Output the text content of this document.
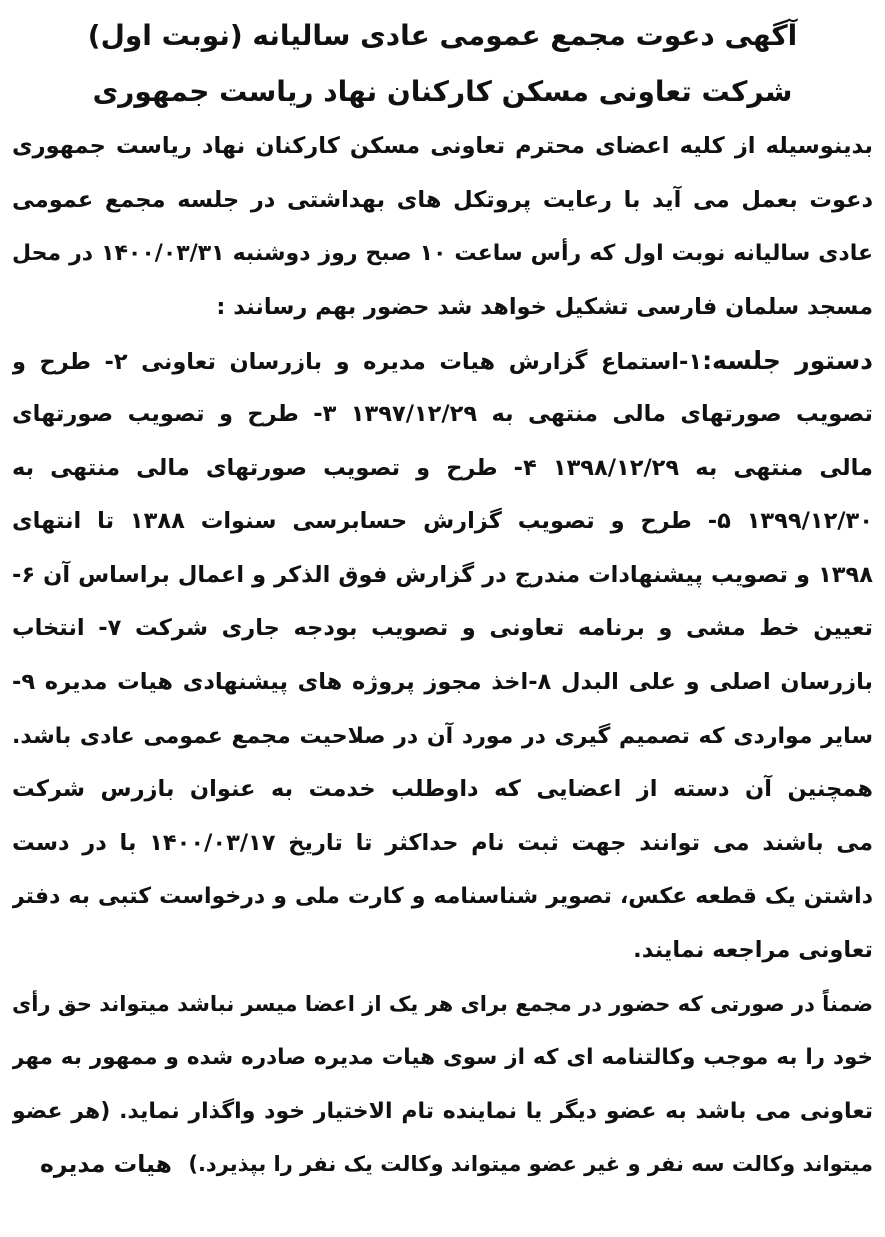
آگهی دعوت مجمع عمومی عادی سالیانه (نوبت اول)
شرکت تعاونی مسکن کارکنان نهاد ریاست جمهوری
بدینوسیله از کلیه اعضای محترم تعاونی مسکن کارکنان نهاد ریاست جمهوری
دعوت بعمل می آید با رعایت پروتکل های بهداشتی در جلسه مجمع عمومی
عادی سالیانه نوبت اول که رأس ساعت ۱۰ صبح روز دوشنبه ۱۴۰۰/۰۳/۳۱ در محل
مسجد سلمان فارسی تشکیل خواهد شد حضور بهم رسانند :
دستور جلسه:۱-استماع گزارش هیات مدیره و بازرسان تعاونی ۲- طرح و
تصویب صورتهای مالی منتهی به ۱۳۹۷/۱۲/۲۹ ۳- طرح و تصویب صورتهای
مالی منتهی به ۱۳۹۸/۱۲/۲۹ ۴- طرح و تصویب صورتهای مالی منتهی به
۱۳۹۹/۱۲/۳۰ ۵- طرح و تصویب گزارش حسابرسی سنوات ۱۳۸۸ تا انتهای
۱۳۹۸ و تصویب پیشنهادات مندرج در گزارش فوق الذکر و اعمال براساس آن ۶-
تعیین خط مشی و برنامه تعاونی و تصویب بودجه جاری شرکت ۷- انتخاب
بازرسان اصلی و علی البدل ۸-اخذ مجوز پروژه های پیشنهادی هیات مدیره ۹-
سایر مواردی که تصمیم گیری در مورد آن در صلاحیت مجمع عمومی عادی باشد.
همچنین آن دسته از اعضایی که داوطلب خدمت به عنوان بازرس شرکت
می باشند می توانند جهت ثبت نام حداکثر تا تاریخ ۱۴۰۰/۰۳/۱۷ با در دست
داشتن یک قطعه عکس، تصویر شناسنامه و کارت ملی و درخواست کتبی به دفتر
تعاونی مراجعه نمایند.
ضمناً در صورتی که حضور در مجمع برای هر یک از اعضا میسر نباشد میتواند حق رأی
خود را به موجب وکالتنامه ای که از سوی هیات مدیره صادره شده و ممهور به مهر
تعاونی می باشد به عضو دیگر یا نماینده تام الاختیار خود واگذار نماید. (هر عضو
میتواند وکالت سه نفر و غیر عضو میتواند وکالت یک نفر را بپذیرد.)
هیات مدیره
